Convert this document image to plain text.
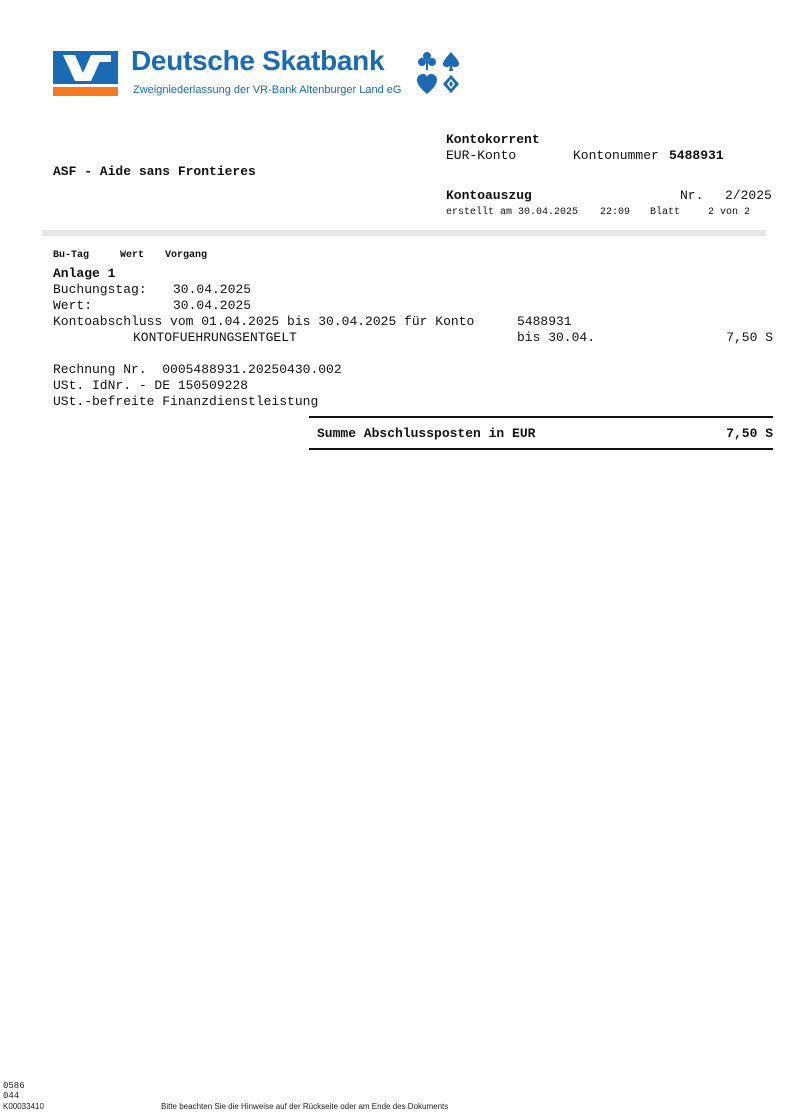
Deutsche Skatbank
Zweigniederlassung der VR-Bank Altenburger Land eG
Kontokorrent
EUR-Konto	Kontonummer 5488931
ASF - Aide sans Frontieres
Kontoauszug	Nr. 2/2025
erstellt am 30.04.2025 22:09 Blatt	2 von 2
Bu-Tag	Wert Vorgang
Anlage 1
Buchungstag: 30.04.2025
Wert:	30.04.2025
Kontoabschluss vom 01.04.2025 bis 30.04.2025 für Konto	5488931
KONTOFUEHRUNGSENTGELT	bis 30.04.	7,50 S
Rechnung Nr.  0005488931.20250430.002
USt. IdNr. - DE 150509228
USt.-befreite Finanzdienstleistung
Summe Abschlussposten in EUR	7,50 S
0586
044
K00033410	Bitte beachten Sie die Hinweise auf der Rückseite oder am Ende des Dokuments
